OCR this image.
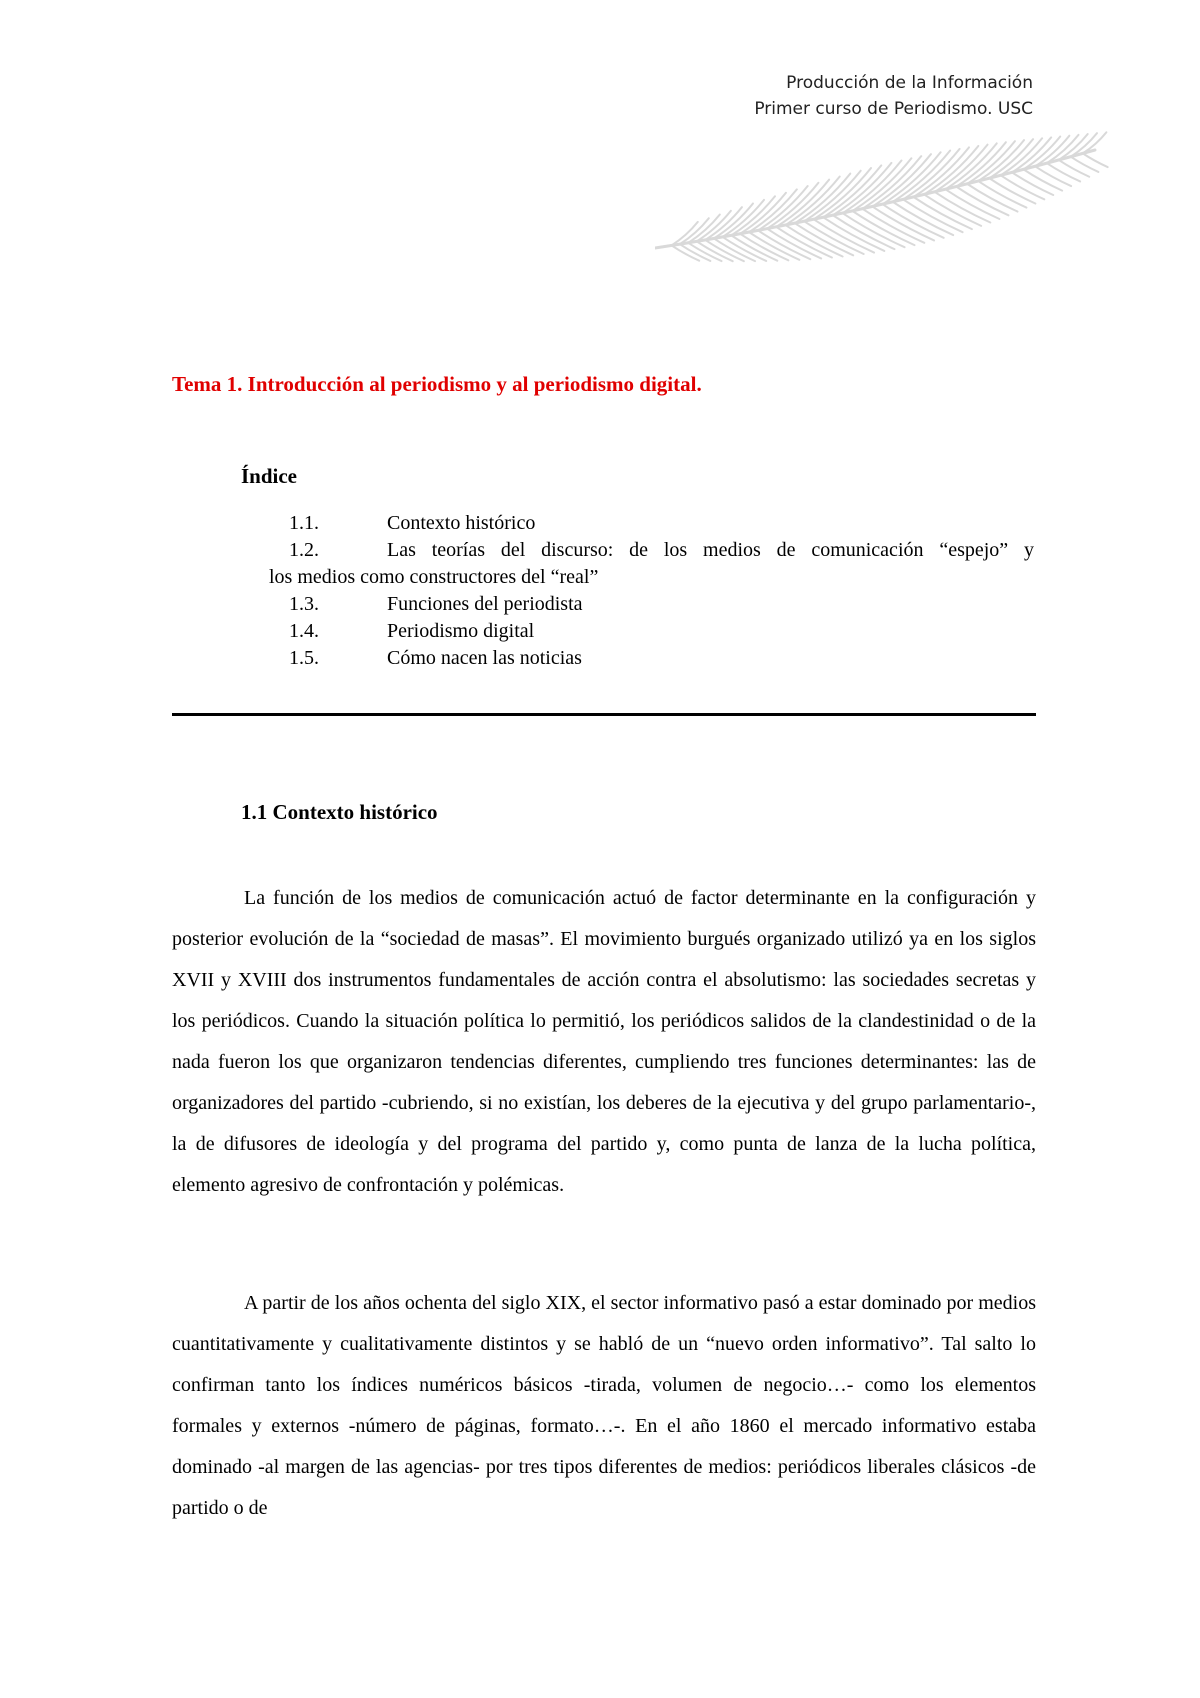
Producción de la Información
Primer curso de Periodismo. USC
Tema 1. Introducción al periodismo y al periodismo digital.
Índice
1.1.	Contexto histórico
1.2.	Las teorías del discurso: de los medios de comunicación “espejo” y
los medios como constructores del “real”
1.3.	Funciones del periodista
1.4.	Periodismo digital
1.5.	Cómo nacen las noticias
1.1 Contexto histórico

La función de los medios de comunicación actuó de factor determinante en la configuración y posterior evolución de la “sociedad de masas”. El movimiento burgués organizado utilizó ya en los siglos XVII y XVIII dos instrumentos fundamentales de acción contra el absolutismo: las sociedades secretas y los periódicos. Cuando la situación política lo permitió, los periódicos salidos de la clandestinidad o de la nada fueron los que organizaron tendencias diferentes, cumpliendo tres funciones determinantes: las de organizadores del partido -cubriendo, si no existían, los deberes de la ejecutiva y del grupo parlamentario-, la de difusores de ideología y del programa del partido y, como punta de lanza de la lucha política, elemento agresivo de confrontación y polémicas.

A partir de los años ochenta del siglo XIX, el sector informativo pasó a estar dominado por medios cuantitativamente y cualitativamente distintos y se habló de un “nuevo orden informativo”. Tal salto lo confirman tanto los índices numéricos básicos -tirada, volumen de negocio…- como los elementos formales y externos -número de páginas, formato…-. En el año 1860 el mercado informativo estaba dominado -al margen de las agencias- por tres tipos diferentes de medios: periódicos liberales clásicos -de partido o de
